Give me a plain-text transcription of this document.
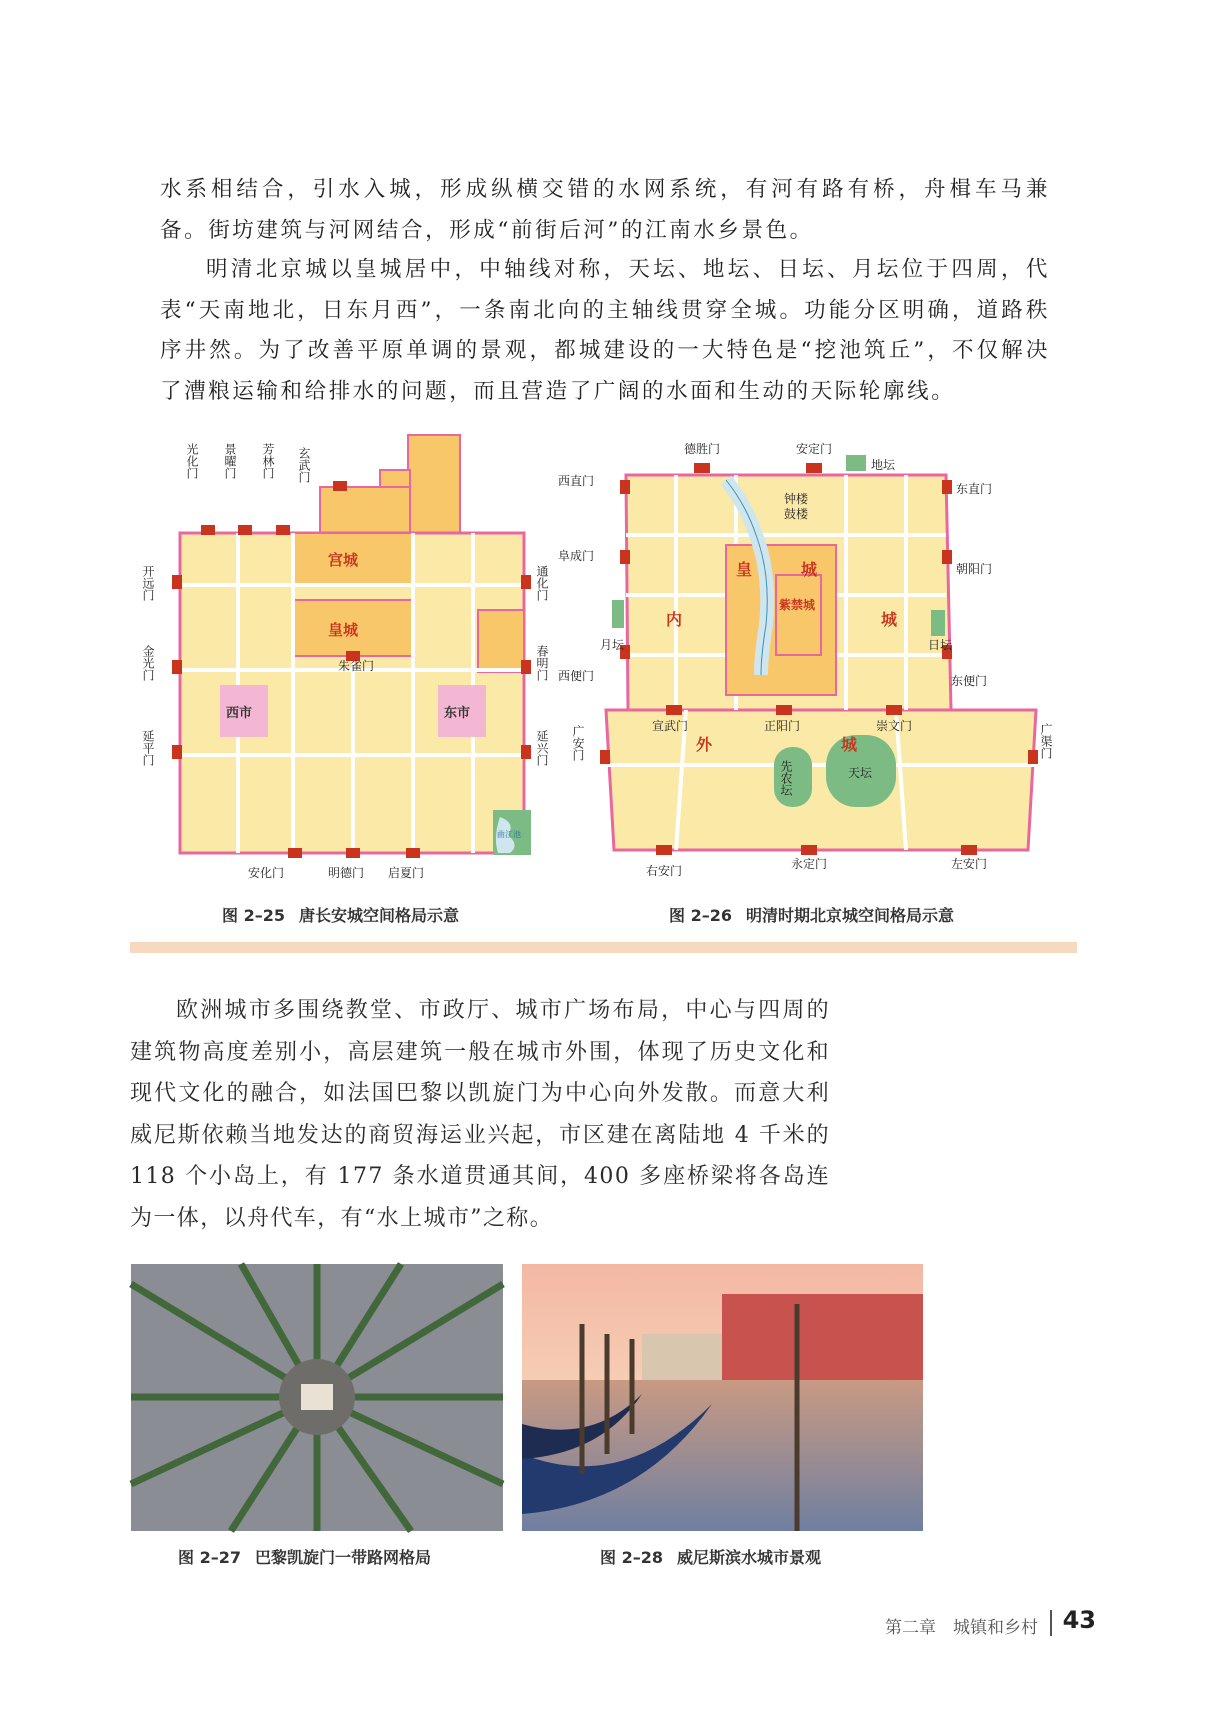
水系相结合，引水入城，形成纵横交错的水网系统，有河有路有桥，舟楫车马兼备。街坊建筑与河网结合，形成“前街后河”的江南水乡景色。

明清北京城以皇城居中，中轴线对称，天坛、地坛、日坛、月坛位于四周，代表“天南地北，日东月西”，一条南北向的主轴线贯穿全城。功能分区明确，道路秩序井然。为了改善平原单调的景观，都城建设的一大特色是“挖池筑丘”，不仅解决了漕粮运输和给排水的问题，而且营造了广阔的水面和生动的天际轮廓线。

光化门 景曜门 芳林门 玄武门
开远门
金光门
延平门
通化门
春明门
延兴门
朱雀门
安化门	明德门 启夏门
宫城
皇城
西市	东市
曲江池
德胜门	安定门
地坛
西直门
东直门
钟楼
鼓楼
阜成门
朝阳门
月坛	日坛
西便门	东便门
宣武门	正阳门	崇文门
广安门	广渠门
先农坛	天坛
右安门	永定门	左安门
皇	城
内	城
外	城
紫禁城
图 2–25 唐长安城空间格局示意	图 2–26 明清时期北京城空间格局示意

欧洲城市多围绕教堂、市政厅、城市广场布局，中心与四周的建筑物高度差别小，高层建筑一般在城市外围，体现了历史文化和现代文化的融合，如法国巴黎以凯旋门为中心向外发散。而意大利威尼斯依赖当地发达的商贸海运业兴起，市区建在离陆地 4 千米的 118 个小岛上，有 177 条水道贯通其间，400 多座桥梁将各岛连为一体，以舟代车，有“水上城市”之称。

图 2–27 巴黎凯旋门一带路网格局	图 2–28 威尼斯滨水城市景观
第二章　城镇和乡村 43
